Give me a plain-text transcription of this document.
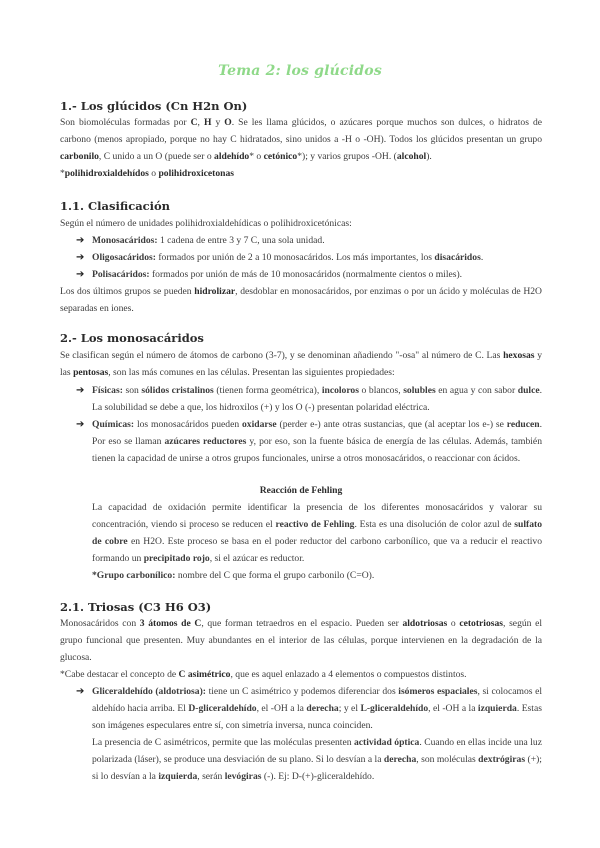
Tema 2: los glúcidos
1.- Los glúcidos (Cn H2n On)
Son biomoléculas formadas por C, H y O. Se les llama glúcidos, o azúcares porque muchos son dulces, o hidratos de carbono (menos apropiado, porque no hay C hidratados, sino unidos a -H o -OH). Todos los glúcidos presentan un grupo carbonilo, C unido a un O (puede ser o aldehído* o cetónico*); y varios grupos -OH. (alcohol).
*polihidroxialdehídos o polihidroxicetonas
1.1. Clasificación
Según el número de unidades polihidroxialdehídicas o polihidroxicetónicas:
➔ Monosacáridos: 1 cadena de entre 3 y 7 C, una sola unidad.
➔ Oligosacáridos: formados por unión de 2 a 10 monosacáridos. Los más importantes, los disacáridos.
➔ Polisacáridos: formados por unión de más de 10 monosacáridos (normalmente cientos o miles).
Los dos últimos grupos se pueden hidrolizar, desdoblar en monosacáridos, por enzimas o por un ácido y moléculas de H2O separadas en iones.
2.- Los monosacáridos
Se clasifican según el número de átomos de carbono (3-7), y se denominan añadiendo "-osa" al número de C. Las hexosas y las pentosas, son las más comunes en las células. Presentan las siguientes propiedades:
➔ Físicas: son sólidos cristalinos (tienen forma geométrica), incoloros o blancos, solubles en agua y con sabor dulce. La solubilidad se debe a que, los hidroxilos (+) y los O (-) presentan polaridad eléctrica.
➔ Químicas: los monosacáridos pueden oxidarse (perder e-) ante otras sustancias, que (al aceptar los e-) se reducen. Por eso se llaman azúcares reductores y, por eso, son la fuente básica de energía de las células. Además, también tienen la capacidad de unirse a otros grupos funcionales, unirse a otros monosacáridos, o reaccionar con ácidos.
Reacción de Fehling
La capacidad de oxidación permite identificar la presencia de los diferentes monosacáridos y valorar su concentración, viendo si proceso se reducen el reactivo de Fehling. Esta es una disolución de color azul de sulfato de cobre en H2O. Este proceso se basa en el poder reductor del carbono carbonílico, que va a reducir el reactivo formando un precipitado rojo, si el azúcar es reductor.
*Grupo carbonílico: nombre del C que forma el grupo carbonilo (C=O).
2.1. Triosas (C3 H6 O3)
Monosacáridos con 3 átomos de C, que forman tetraedros en el espacio. Pueden ser aldotriosas o cetotriosas, según el grupo funcional que presenten. Muy abundantes en el interior de las células, porque intervienen en la degradación de la glucosa.
*Cabe destacar el concepto de C asimétrico, que es aquel enlazado a 4 elementos o compuestos distintos.
➔ Gliceraldehído (aldotriosa): tiene un C asimétrico y podemos diferenciar dos isómeros espaciales, si colocamos el aldehído hacia arriba. El D-gliceraldehído, el -OH a la derecha; y el L-gliceraldehído, el -OH a la izquierda. Estas son imágenes especulares entre sí, con simetría inversa, nunca coinciden.
La presencia de C asimétricos, permite que las moléculas presenten actividad óptica. Cuando en ellas incide una luz polarizada (láser), se produce una desviación de su plano. Si lo desvían a la derecha, son moléculas dextrógiras (+); si lo desvían a la izquierda, serán levógiras (-). Ej: D-(+)-gliceraldehído.
